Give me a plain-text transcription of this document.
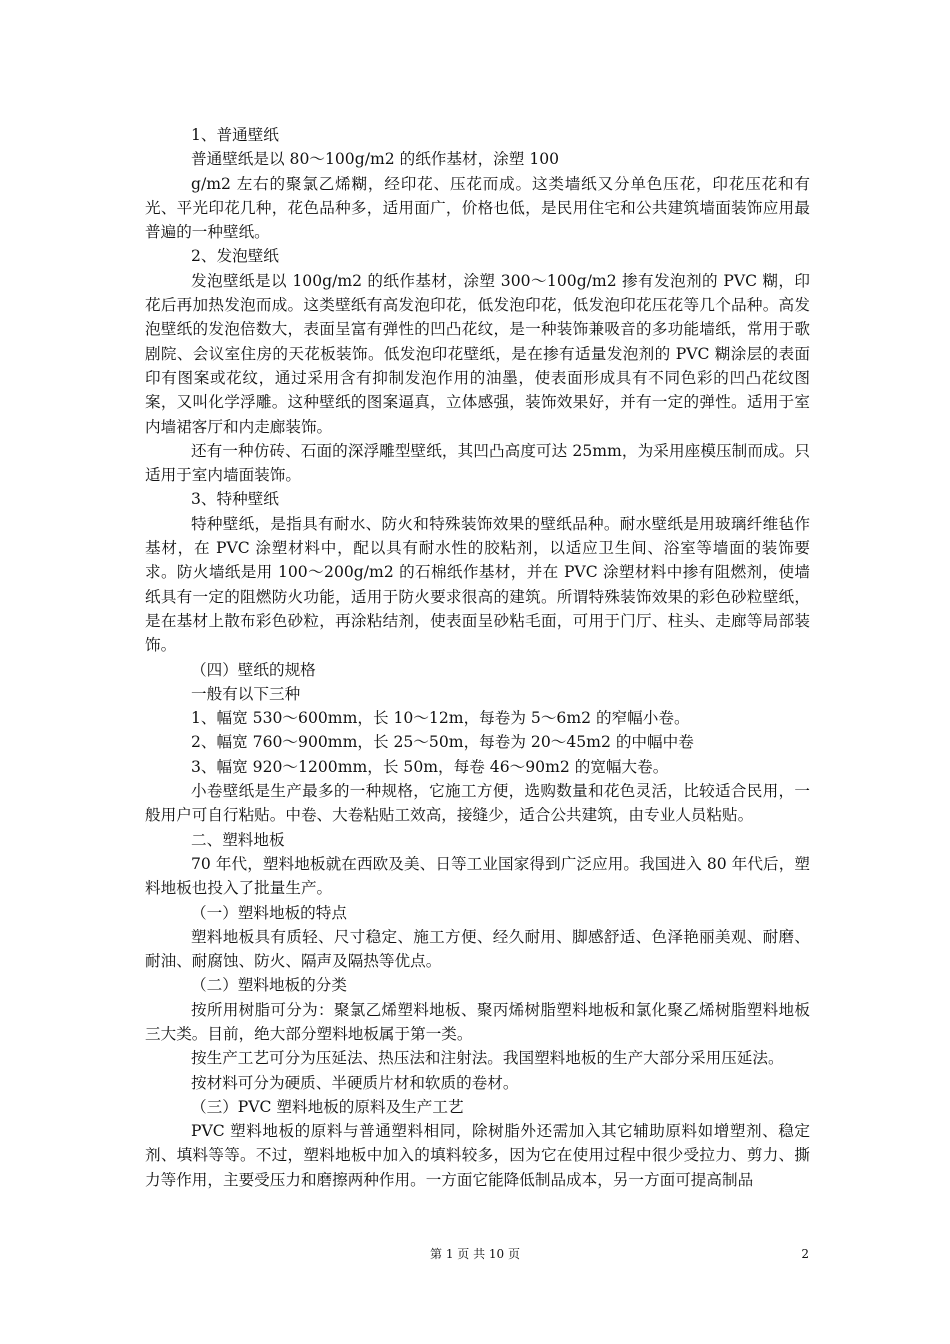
1、普通壁纸

普通壁纸是以 80～100g/m2 的纸作基材，涂塑 100

g/m2 左右的聚氯乙烯糊，经印花、压花而成。这类墙纸又分单色压花，印花压花和有光、平光印花几种，花色品种多，适用面广，价格也低，是民用住宅和公共建筑墙面装饰应用最普遍的一种壁纸。

2、发泡壁纸

发泡壁纸是以 100g/m2 的纸作基材，涂塑 300～100g/m2 掺有发泡剂的 PVC 糊，印花后再加热发泡而成。这类壁纸有高发泡印花，低发泡印花，低发泡印花压花等几个品种。高发泡壁纸的发泡倍数大，表面呈富有弹性的凹凸花纹，是一种装饰兼吸音的多功能墙纸，常用于歌剧院、会议室住房的天花板装饰。低发泡印花壁纸，是在掺有适量发泡剂的 PVC 糊涂层的表面印有图案或花纹，通过采用含有抑制发泡作用的油墨，使表面形成具有不同色彩的凹凸花纹图案，又叫化学浮雕。这种壁纸的图案逼真，立体感强，装饰效果好，并有一定的弹性。适用于室内墙裙客厅和内走廊装饰。

还有一种仿砖、石面的深浮雕型壁纸，其凹凸高度可达 25mm，为采用座模压制而成。只适用于室内墙面装饰。

3、特种壁纸

特种壁纸，是指具有耐水、防火和特殊装饰效果的壁纸品种。耐水壁纸是用玻璃纤维毡作基材，在 PVC 涂塑材料中，配以具有耐水性的胶粘剂，以适应卫生间、浴室等墙面的装饰要求。防火墙纸是用 100～200g/m2 的石棉纸作基材，并在 PVC 涂塑材料中掺有阻燃剂，使墙纸具有一定的阻燃防火功能，适用于防火要求很高的建筑。所谓特殊装饰效果的彩色砂粒壁纸，是在基材上散布彩色砂粒，再涂粘结剂，使表面呈砂粘毛面，可用于门厅、柱头、走廊等局部装饰。

（四）壁纸的规格

一般有以下三种

1、幅宽 530～600mm，长 10～12m，每卷为 5～6m2 的窄幅小卷。

2、幅宽 760～900mm，长 25～50m，每卷为 20～45m2 的中幅中卷

3、幅宽 920～1200mm，长 50m，每卷 46～90m2 的宽幅大卷。

小卷壁纸是生产最多的一种规格，它施工方便，选购数量和花色灵活，比较适合民用，一般用户可自行粘贴。中卷、大卷粘贴工效高，接缝少，适合公共建筑，由专业人员粘贴。

二、塑料地板

70 年代，塑料地板就在西欧及美、日等工业国家得到广泛应用。我国进入 80 年代后，塑料地板也投入了批量生产。

（一）塑料地板的特点

塑料地板具有质轻、尺寸稳定、施工方便、经久耐用、脚感舒适、色泽艳丽美观、耐磨、耐油、耐腐蚀、防火、隔声及隔热等优点。

（二）塑料地板的分类

按所用树脂可分为：聚氯乙烯塑料地板、聚丙烯树脂塑料地板和氯化聚乙烯树脂塑料地板三大类。目前，绝大部分塑料地板属于第一类。

按生产工艺可分为压延法、热压法和注射法。我国塑料地板的生产大部分采用压延法。

按材料可分为硬质、半硬质片材和软质的卷材。

（三）PVC 塑料地板的原料及生产工艺

PVC 塑料地板的原料与普通塑料相同，除树脂外还需加入其它辅助原料如增塑剂、稳定剂、填料等等。不过，塑料地板中加入的填料较多，因为它在使用过程中很少受拉力、剪力、撕力等作用，主要受压力和磨擦两种作用。一方面它能降低制品成本，另一方面可提高制品

第 1 页 共 10 页	2
